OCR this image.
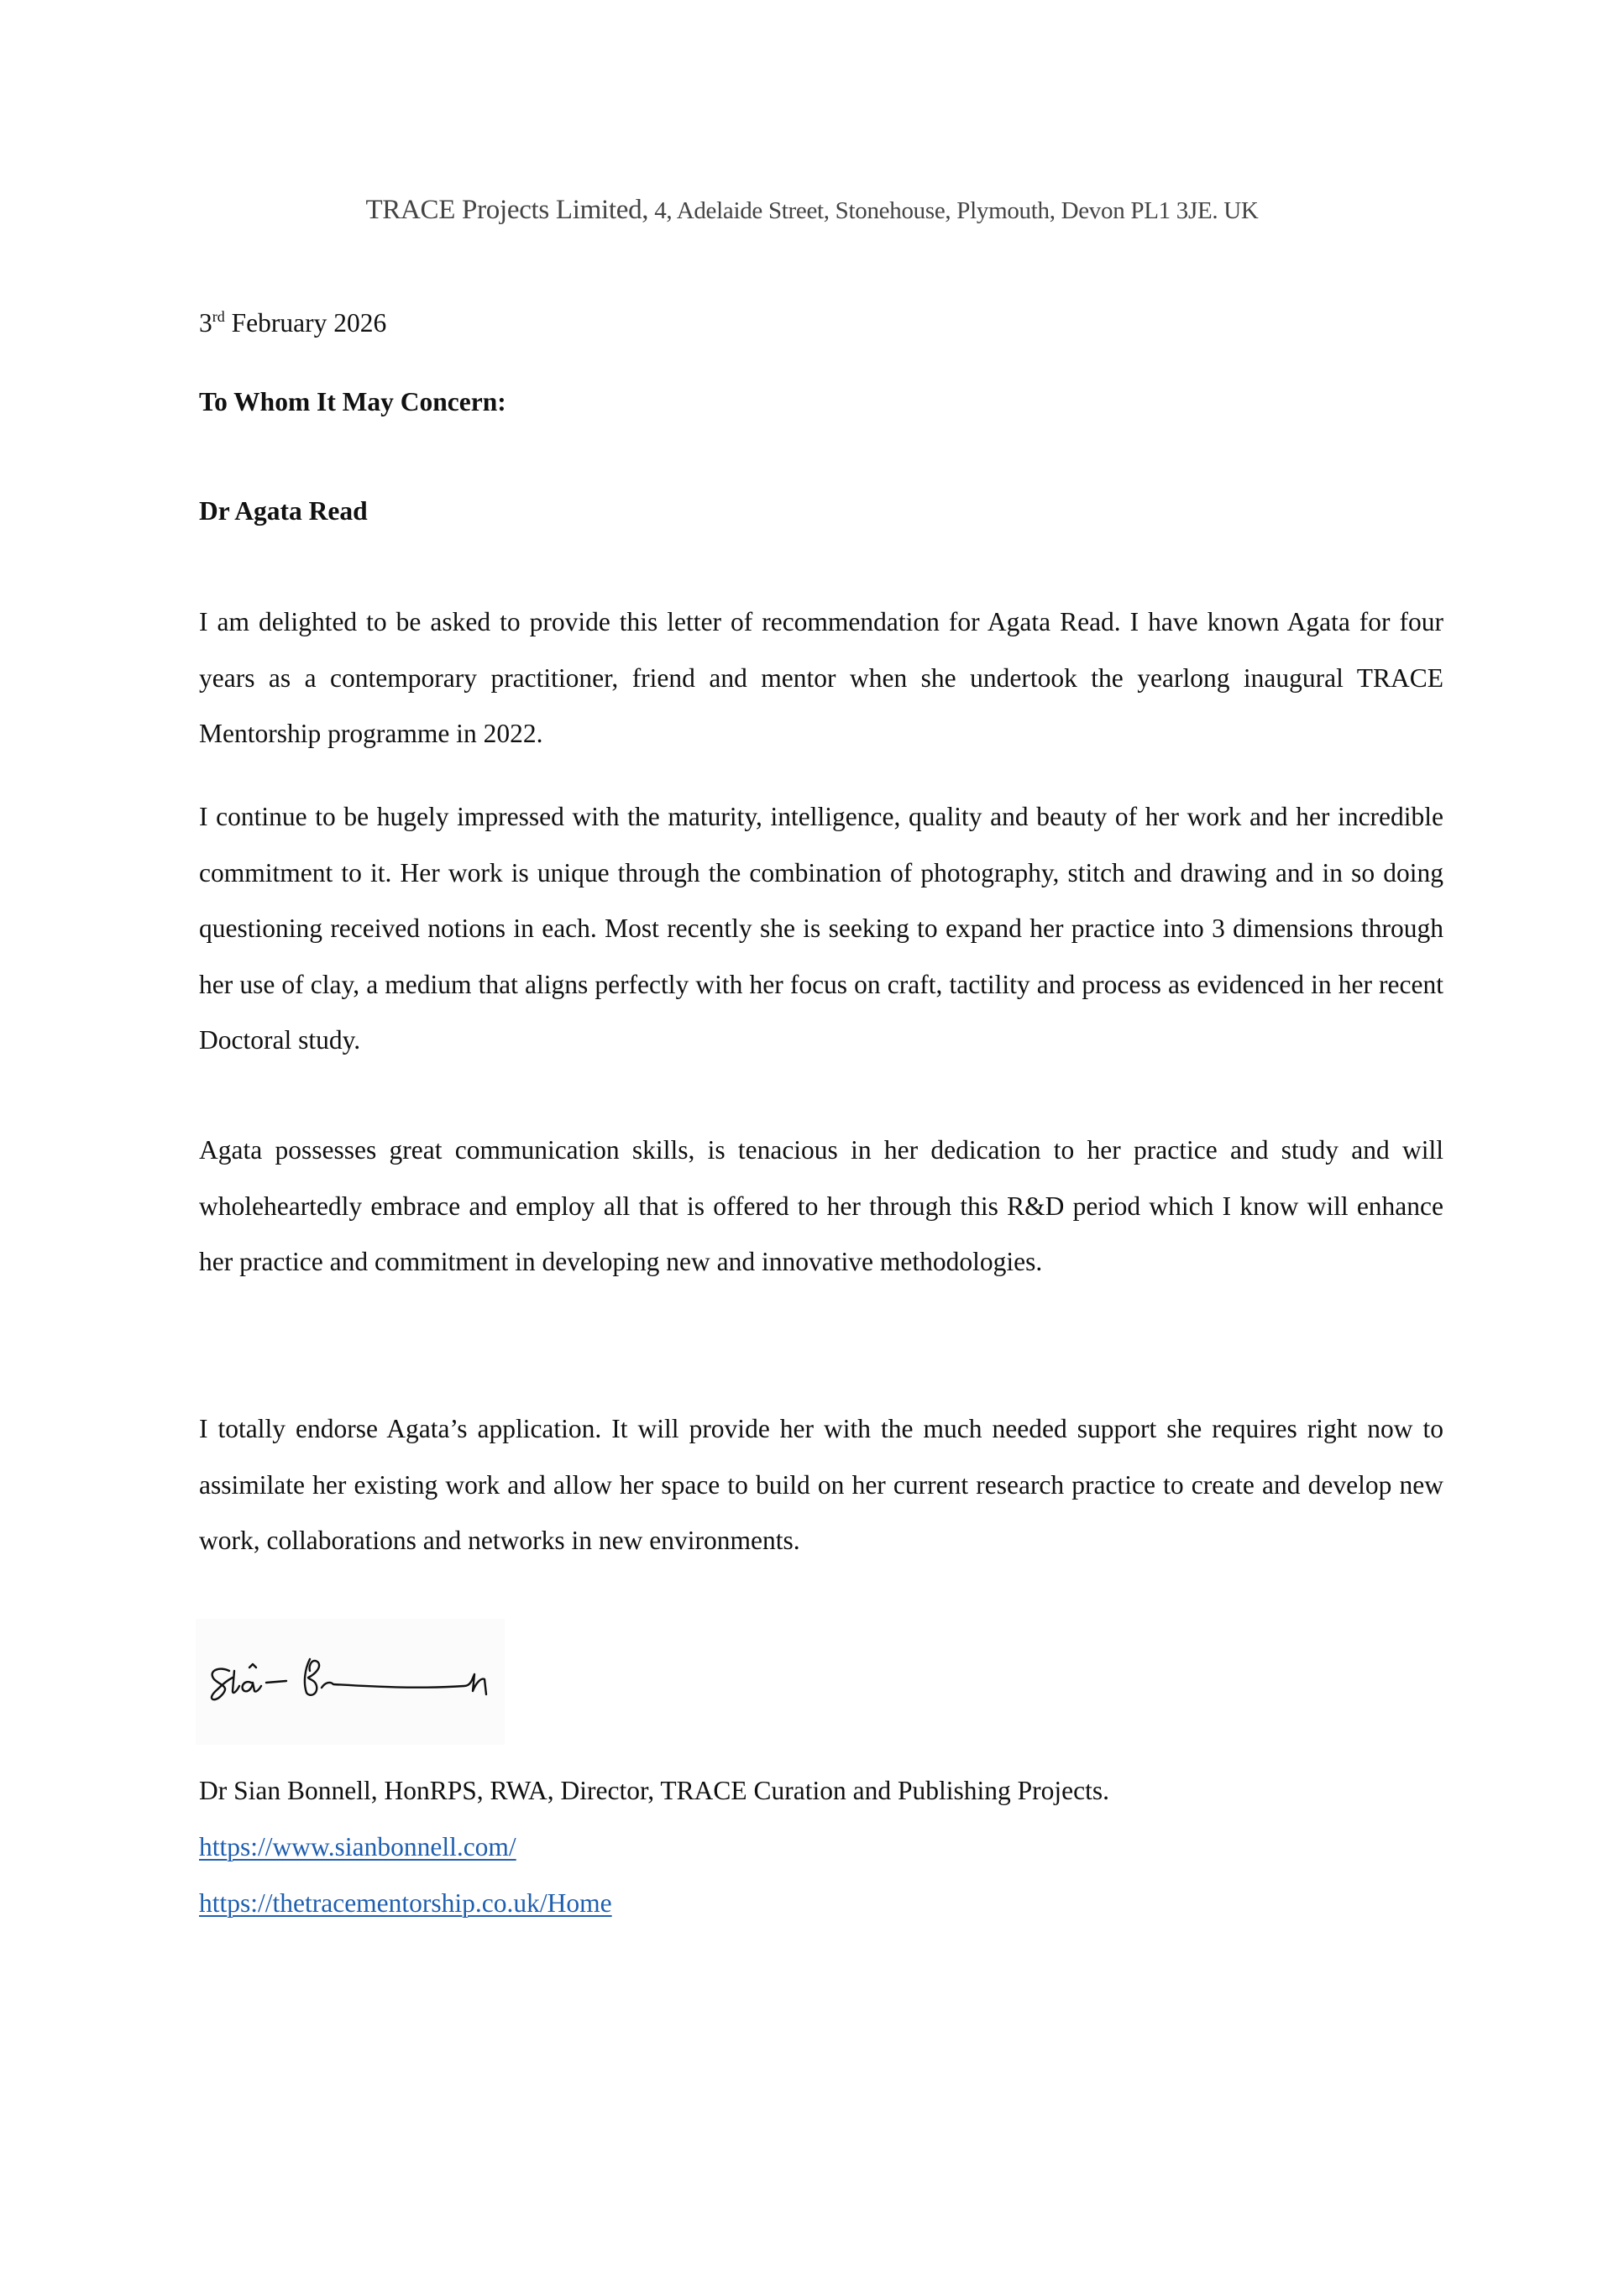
TRACE Projects Limited, 4, Adelaide Street, Stonehouse, Plymouth, Devon PL1 3JE. UK
3rd February 2026
To Whom It May Concern:
Dr Agata Read
I am delighted to be asked to provide this letter of recommendation for Agata Read. I have known Agata for four years as a contemporary practitioner, friend and mentor when she undertook the yearlong inaugural TRACE Mentorship programme in 2022.
I continue to be hugely impressed with the maturity, intelligence, quality and beauty of her work and her incredible commitment to it. Her work is unique through the combination of photography, stitch and drawing and in so doing questioning received notions in each. Most recently she is seeking to expand her practice into 3 dimensions through her use of clay, a medium that aligns perfectly with her focus on craft, tactility and process as evidenced in her recent Doctoral study.
Agata possesses great communication skills, is tenacious in her dedication to her practice and study and will wholeheartedly embrace and employ all that is offered to her through this R&D period which I know will enhance her practice and commitment in developing new and innovative methodologies.
I totally endorse Agata’s application. It will provide her with the much needed support she requires right now to assimilate her existing work and allow her space to build on her current research practice to create and develop new work, collaborations and networks in new environments.
Dr Sian Bonnell, HonRPS, RWA, Director, TRACE Curation and Publishing Projects.
https://www.sianbonnell.com/
https://thetracementorship.co.uk/Home
